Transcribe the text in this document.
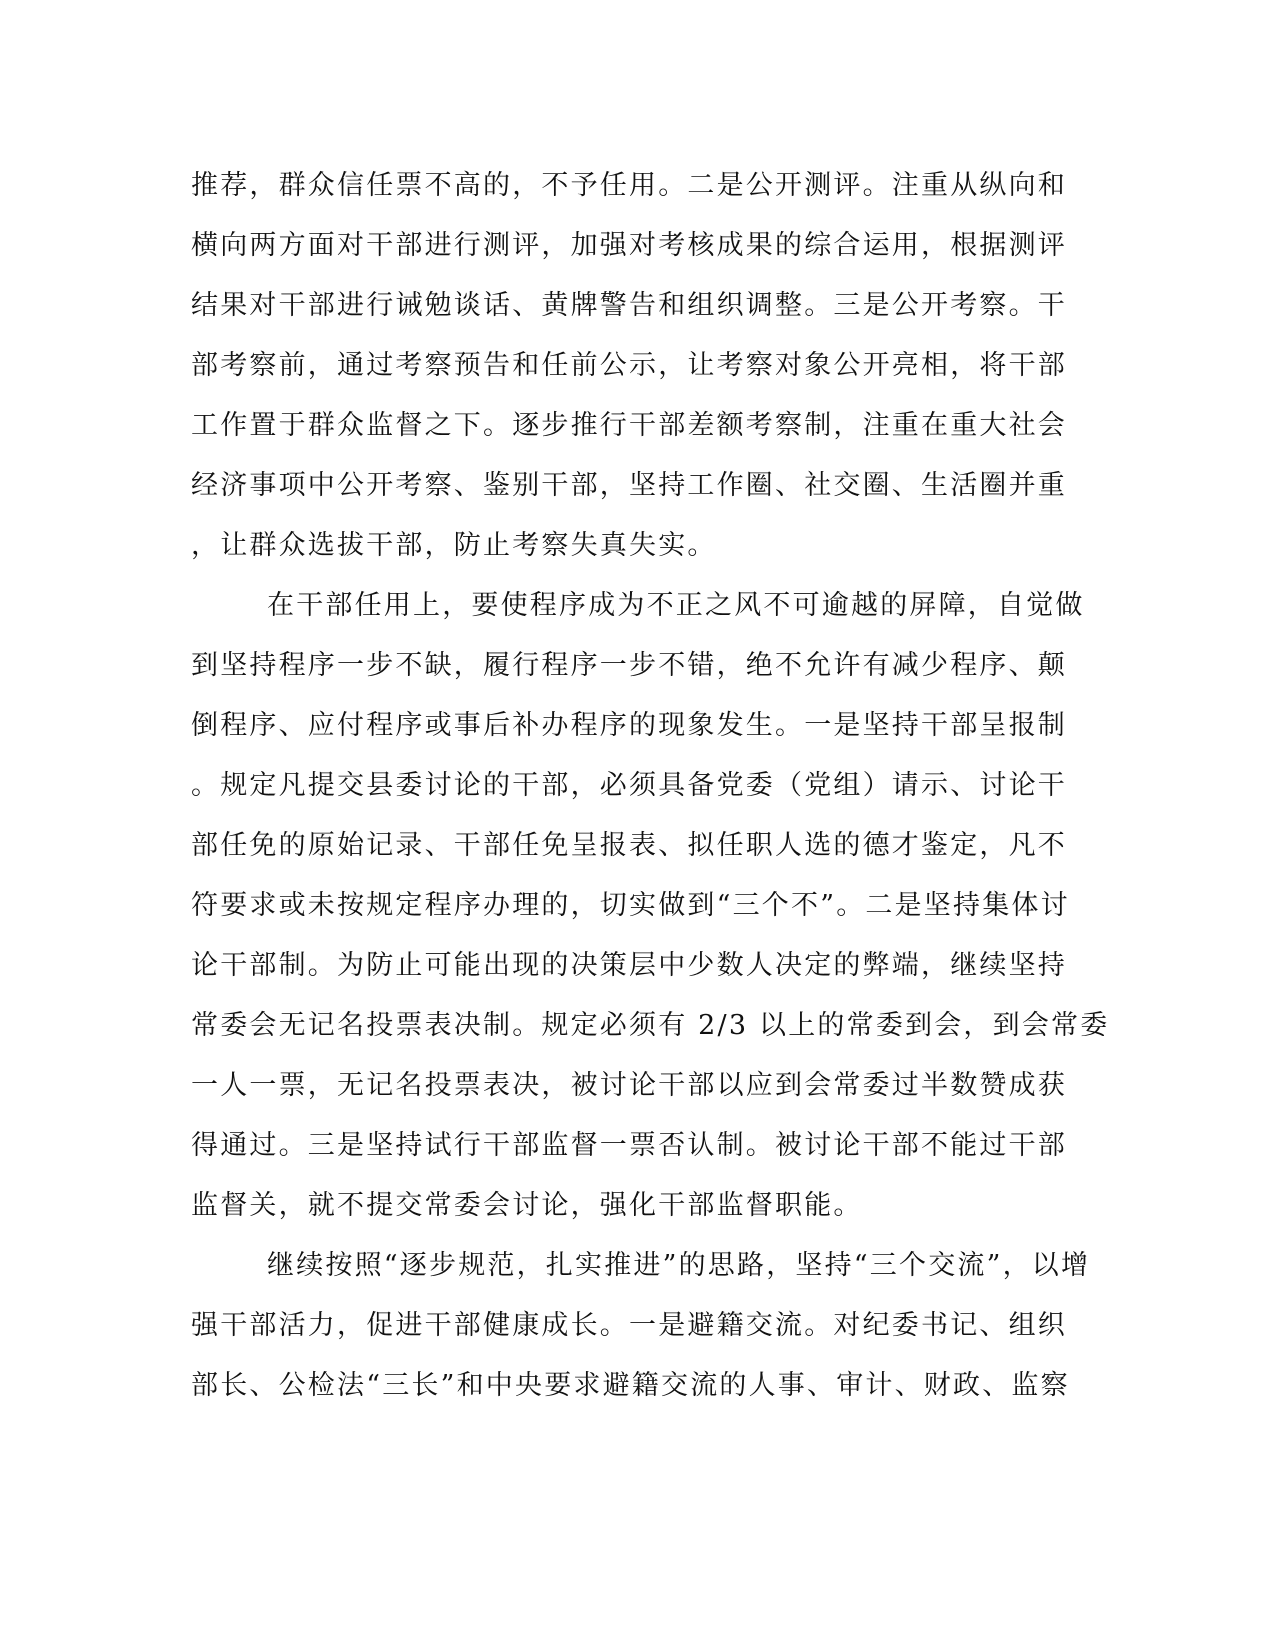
推荐，群众信任票不高的，不予任用。二是公开测评。注重从纵向和
横向两方面对干部进行测评，加强对考核成果的综合运用，根据测评
结果对干部进行诫勉谈话、黄牌警告和组织调整。三是公开考察。干
部考察前，通过考察预告和任前公示，让考察对象公开亮相，将干部
工作置于群众监督之下。逐步推行干部差额考察制，注重在重大社会
经济事项中公开考察、鉴别干部，坚持工作圈、社交圈、生活圈并重
，让群众选拔干部，防止考察失真失实。
在干部任用上，要使程序成为不正之风不可逾越的屏障，自觉做
到坚持程序一步不缺，履行程序一步不错，绝不允许有减少程序、颠
倒程序、应付程序或事后补办程序的现象发生。一是坚持干部呈报制
。规定凡提交县委讨论的干部，必须具备党委（党组）请示、讨论干
部任免的原始记录、干部任免呈报表、拟任职人选的德才鉴定，凡不
符要求或未按规定程序办理的，切实做到“三个不”。二是坚持集体讨
论干部制。为防止可能出现的决策层中少数人决定的弊端，继续坚持
常委会无记名投票表决制。规定必须有 2/3 以上的常委到会，到会常委
一人一票，无记名投票表决，被讨论干部以应到会常委过半数赞成获
得通过。三是坚持试行干部监督一票否认制。被讨论干部不能过干部
监督关，就不提交常委会讨论，强化干部监督职能。
继续按照“逐步规范，扎实推进”的思路，坚持“三个交流”，以增
强干部活力，促进干部健康成长。一是避籍交流。对纪委书记、组织
部长、公检法“三长”和中央要求避籍交流的人事、审计、财政、监察
